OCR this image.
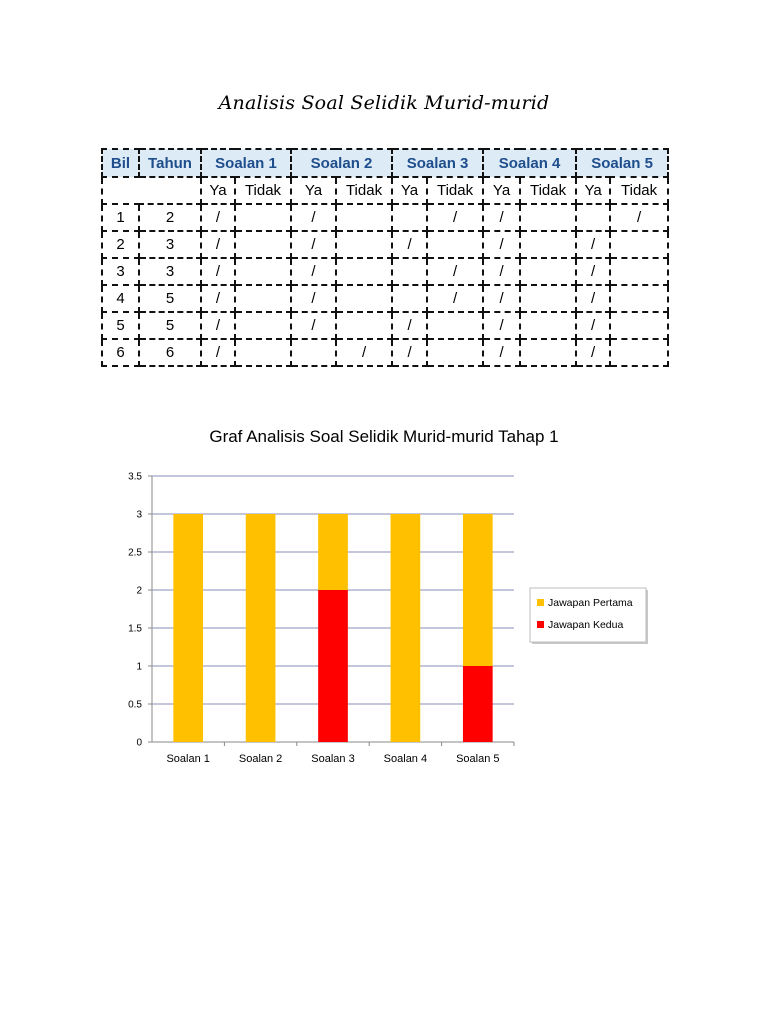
Analisis Soal Selidik Murid-murid
Bil	Tahun	Soalan 1		Soalan 2		Soalan 3		Soalan 4		Soalan 5	
		Ya	Tidak	Ya	Tidak	Ya	Tidak	Ya	Tidak	Ya	Tidak
1	2	/		/			/	/			/
2	3	/		/		/		/		/	
3	3	/		/			/	/		/	
4	5	/		/			/	/		/	
5	5	/		/		/		/		/	
6	6	/			/	/		/		/	
Graf Analisis Soal Selidik Murid-murid Tahap 1
0
0.5
1
1.5
2
2.5
3
3.5
Soalan 1	Soalan 2	Soalan 3	Soalan 4	Soalan 5
Jawapan Pertama
Jawapan Kedua
